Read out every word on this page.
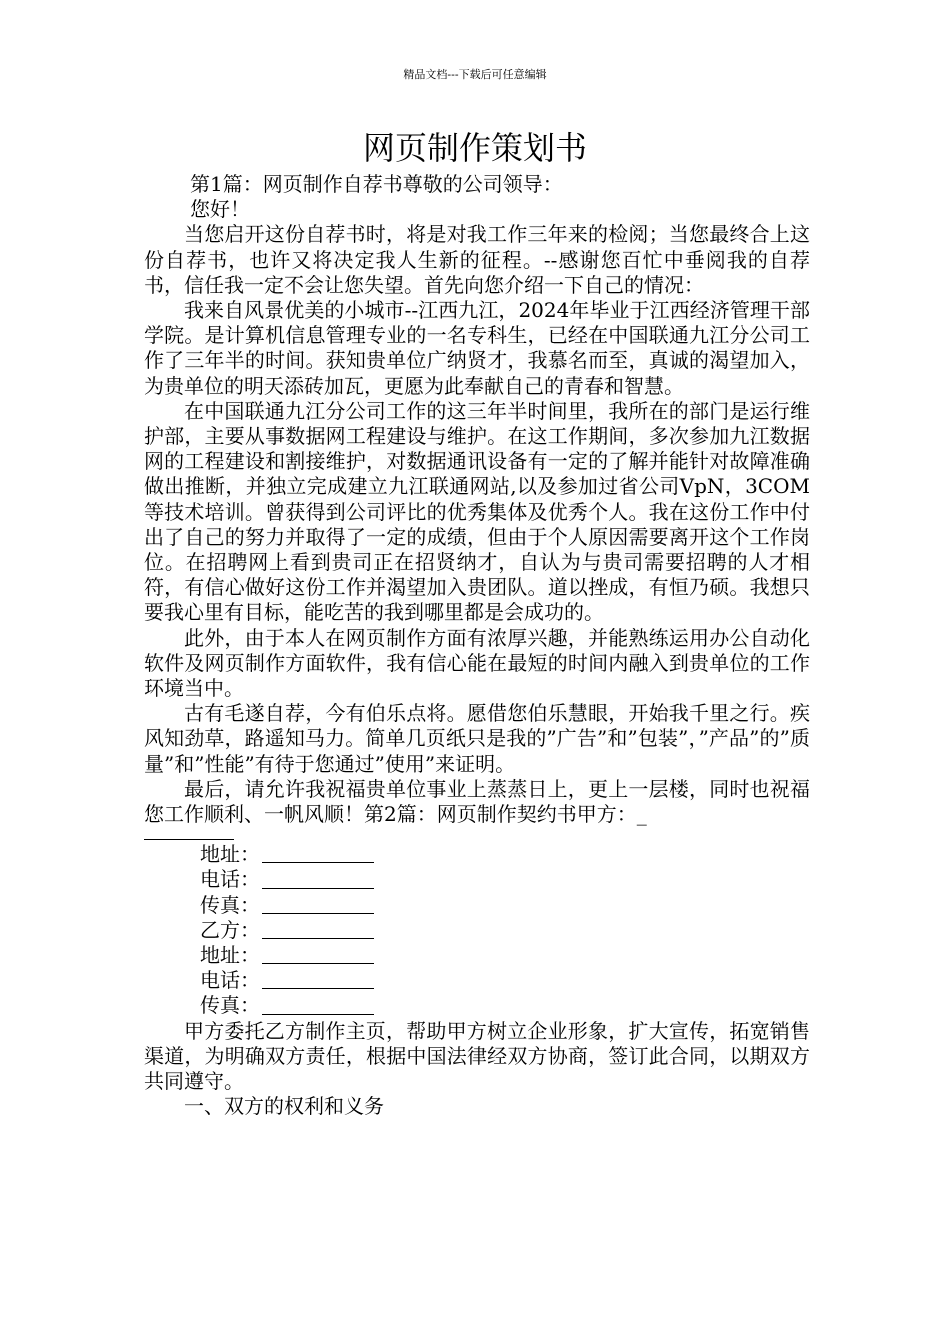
精品文档---下载后可任意编辑
网页制作策划书

第1篇：网页制作自荐书尊敬的公司领导：

您好！

当您启开这份自荐书时，将是对我工作三年来的检阅；当您最终合上这份自荐书，也许又将决定我人生新的征程。--感谢您百忙中垂阅我的自荐书，信任我一定不会让您失望。首先向您介绍一下自己的情况：

我来自风景优美的小城市--江西九江，2024年毕业于江西经济管理干部学院。是计算机信息管理专业的一名专科生，已经在中国联通九江分公司工作了三年半的时间。获知贵单位广纳贤才，我慕名而至，真诚的渴望加入，为贵单位的明天添砖加瓦，更愿为此奉献自己的青春和智慧。

在中国联通九江分公司工作的这三年半时间里，我所在的部门是运行维护部，主要从事数据网工程建设与维护。在这工作期间，多次参加九江数据网的工程建设和割接维护，对数据通讯设备有一定的了解并能针对故障准确做出推断，并独立完成建立九江联通网站,以及参加过省公司VpN，3COM等技术培训。曾获得到公司评比的优秀集体及优秀个人。我在这份工作中付出了自己的努力并取得了一定的成绩，但由于个人原因需要离开这个工作岗位。在招聘网上看到贵司正在招贤纳才，自认为与贵司需要招聘的人才相符，有信心做好这份工作并渴望加入贵团队。道以挫成，有恒乃硕。我想只要我心里有目标，能吃苦的我到哪里都是会成功的。

此外，由于本人在网页制作方面有浓厚兴趣，并能熟练运用办公自动化软件及网页制作方面软件，我有信心能在最短的时间内融入到贵单位的工作环境当中。

古有毛遂自荐，今有伯乐点将。愿借您伯乐慧眼，开始我千里之行。疾风知劲草，路遥知马力。简单几页纸只是我的”广告”和”包装”，”产品”的”质量”和”性能”有待于您通过”使用”来证明。

最后，请允许我祝福贵单位事业上蒸蒸日上，更上一层楼，同时也祝福您工作顺利、一帆风顺！第2篇：网页制作契约书甲方：_

地址：
电话：
传真：
乙方：
地址：
电话：
传真：

甲方委托乙方制作主页，帮助甲方树立企业形象，扩大宣传，拓宽销售渠道，为明确双方责任，根据中国法律经双方协商，签订此合同，以期双方共同遵守。

一、双方的权利和义务
